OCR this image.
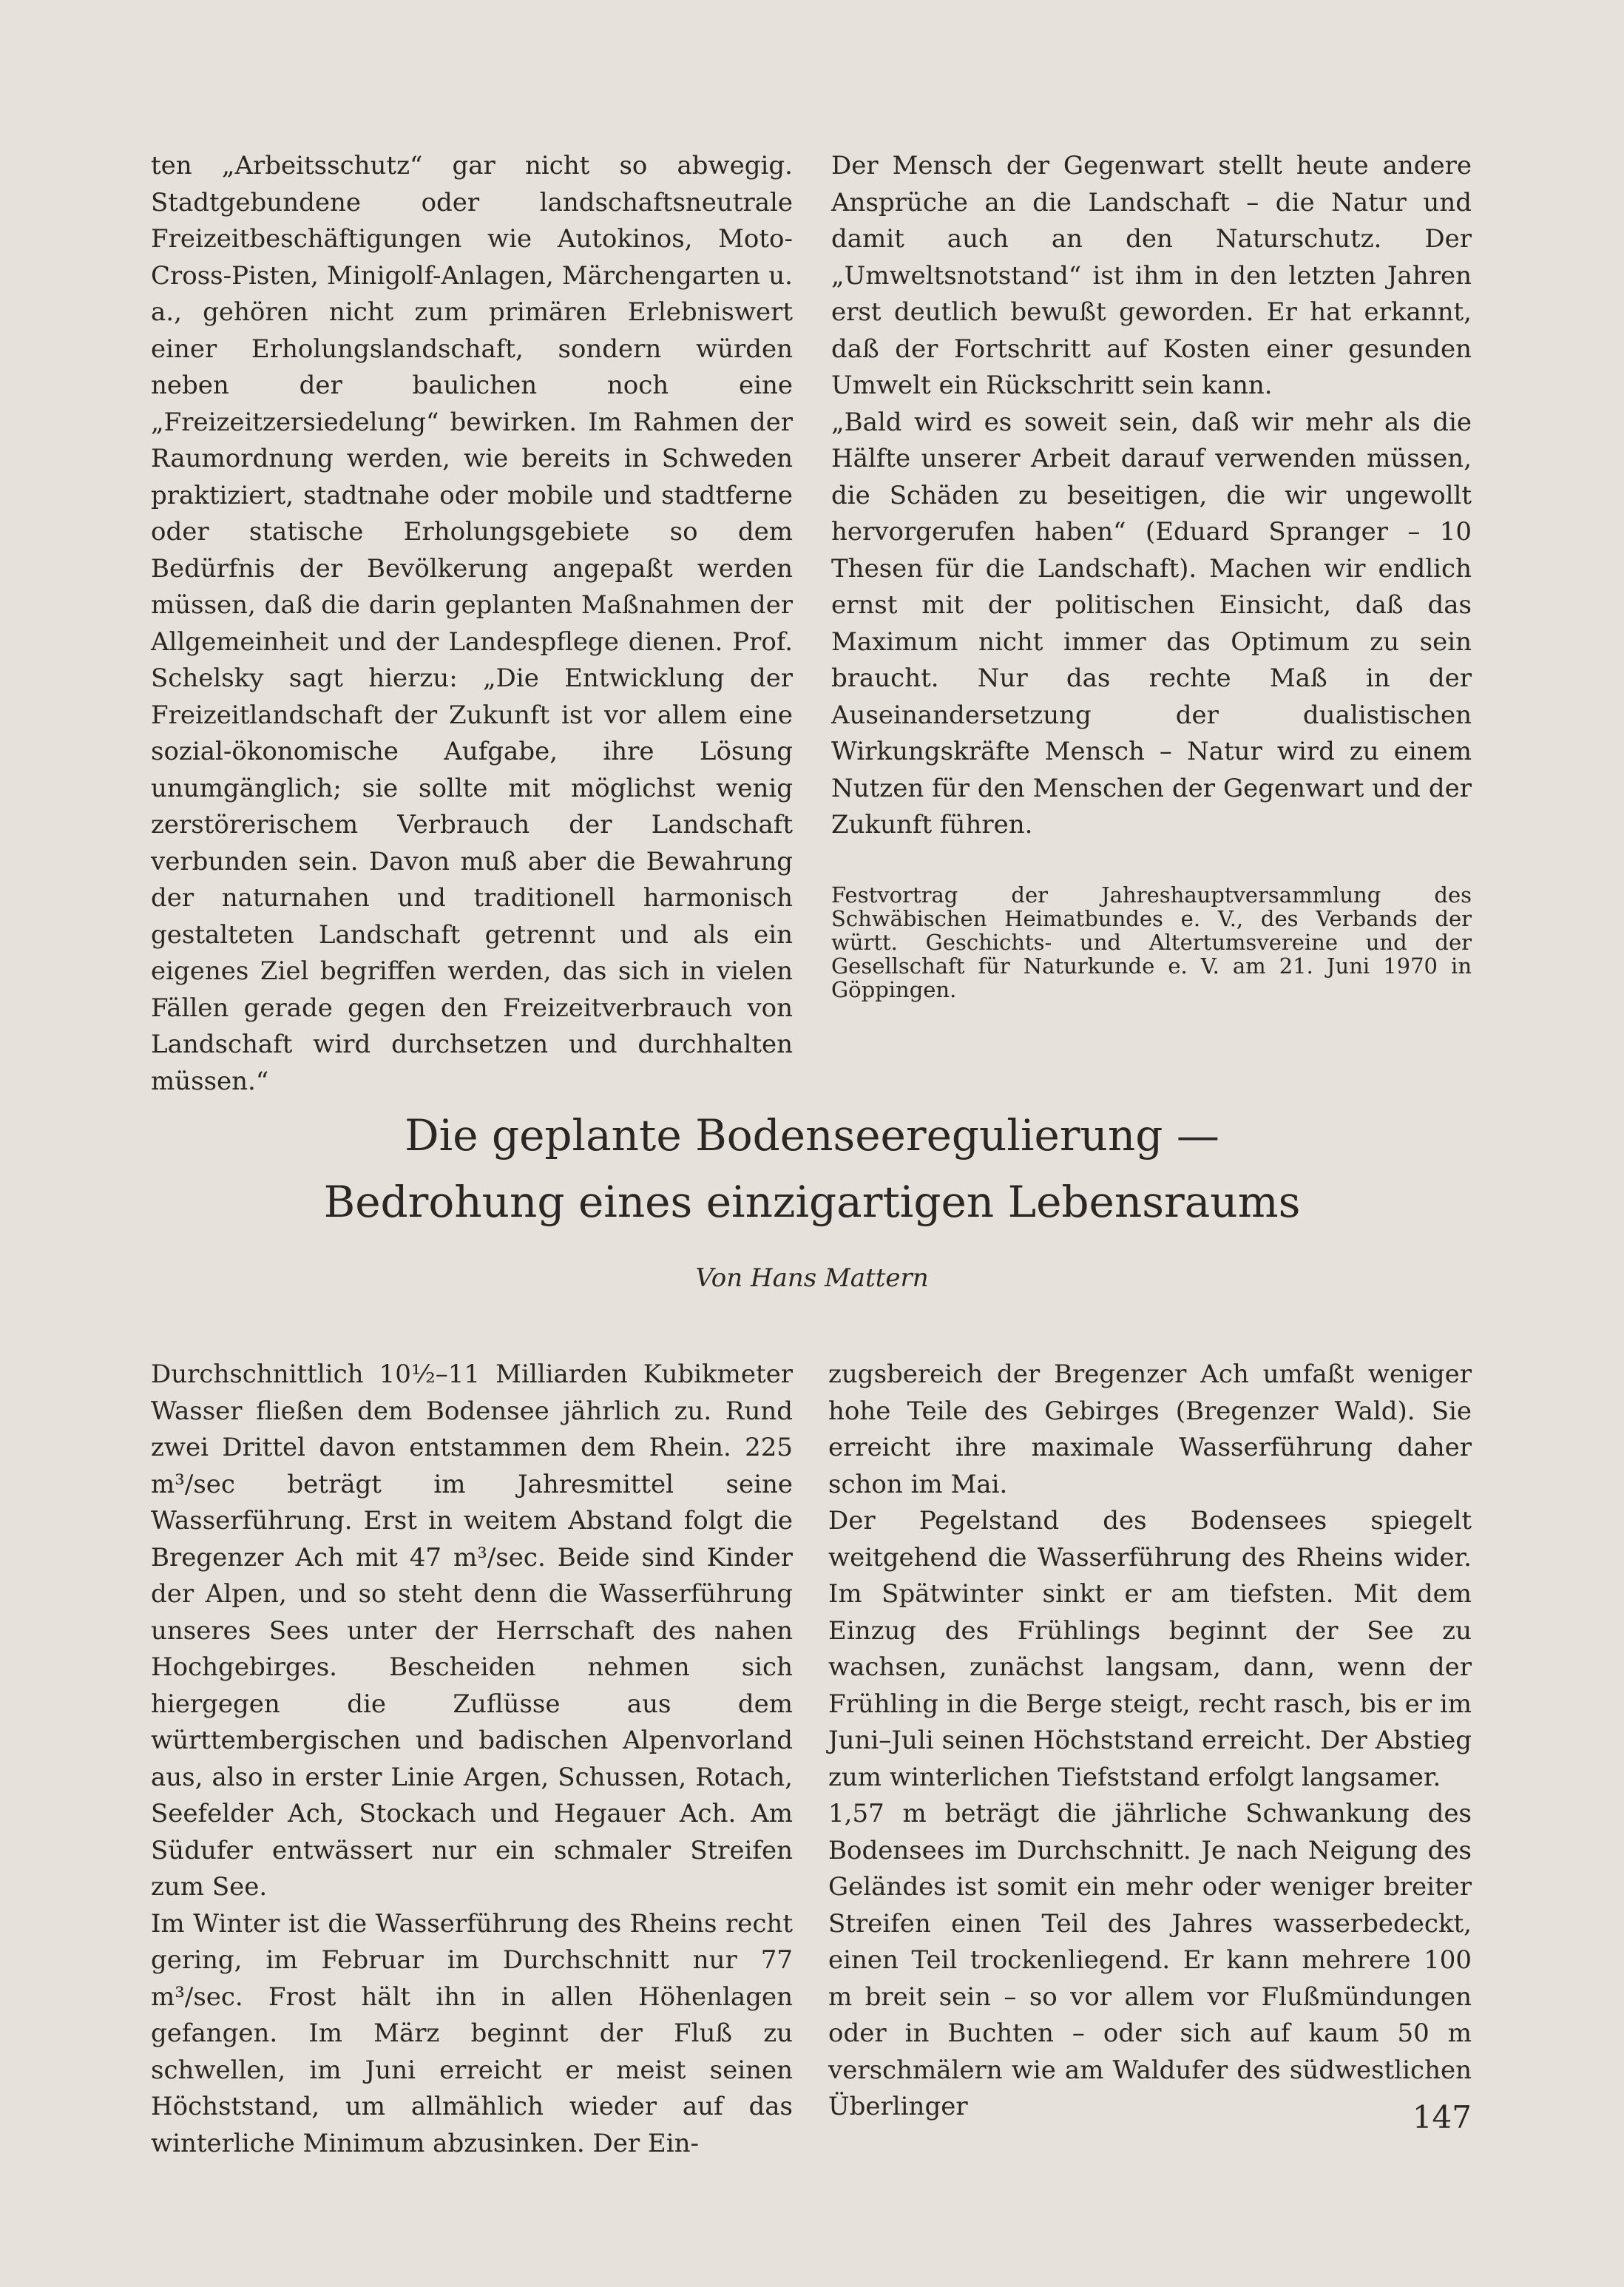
ten „Arbeitsschutz“ gar nicht so abwegig. Stadtgebundene oder landschaftsneutrale Freizeitbeschäftigungen wie Autokinos, Moto-Cross-Pisten, Minigolf-Anlagen, Märchengarten u. a., gehören nicht zum primären Erlebniswert einer Erholungslandschaft, sondern würden neben der baulichen noch eine „Freizeitzersiedelung“ bewirken. Im Rahmen der Raumordnung werden, wie bereits in Schweden praktiziert, stadtnahe oder mobile und stadtferne oder statische Erholungsgebiete so dem Bedürfnis der Bevölkerung angepaßt werden müssen, daß die darin geplanten Maßnahmen der Allgemeinheit und der Landespflege dienen. Prof. Schelsky sagt hierzu: „Die Entwicklung der Freizeitlandschaft der Zukunft ist vor allem eine sozial-ökonomische Aufgabe, ihre Lösung unumgänglich; sie sollte mit möglichst wenig zerstörerischem Verbrauch der Landschaft verbunden sein. Davon muß aber die Bewahrung der naturnahen und traditionell harmonisch gestalteten Landschaft getrennt und als ein eigenes Ziel begriffen werden, das sich in vielen Fällen gerade gegen den Freizeitverbrauch von Landschaft wird durchsetzen und durchhalten müssen.“

Der Mensch der Gegenwart stellt heute andere Ansprüche an die Landschaft – die Natur und damit auch an den Naturschutz. Der „Umweltsnotstand“ ist ihm in den letzten Jahren erst deutlich bewußt geworden. Er hat erkannt, daß der Fortschritt auf Kosten einer gesunden Umwelt ein Rückschritt sein kann.

„Bald wird es soweit sein, daß wir mehr als die Hälfte unserer Arbeit darauf verwenden müssen, die Schäden zu beseitigen, die wir ungewollt hervorgerufen haben“ (Eduard Spranger – 10 Thesen für die Landschaft). Machen wir endlich ernst mit der politischen Einsicht, daß das Maximum nicht immer das Optimum zu sein braucht. Nur das rechte Maß in der Auseinandersetzung der dualistischen Wirkungskräfte Mensch – Natur wird zu einem Nutzen für den Menschen der Gegenwart und der Zukunft führen.

Festvortrag der Jahreshauptversammlung des Schwäbischen Heimatbundes e. V., des Verbands der württ. Geschichts- und Altertumsvereine und der Gesellschaft für Naturkunde e. V. am 21. Juni 1970 in Göppingen.
Die geplante Bodenseeregulierung —
Bedrohung eines einzigartigen Lebensraums
Von Hans Mattern

Durchschnittlich 10½–11 Milliarden Kubikmeter Wasser fließen dem Bodensee jährlich zu. Rund zwei Drittel davon entstammen dem Rhein. 225 m³/sec beträgt im Jahresmittel seine Wasserführung. Erst in weitem Abstand folgt die Bregenzer Ach mit 47 m³/sec. Beide sind Kinder der Alpen, und so steht denn die Wasserführung unseres Sees unter der Herrschaft des nahen Hochgebirges. Bescheiden nehmen sich hiergegen die Zuflüsse aus dem württembergischen und badischen Alpenvorland aus, also in erster Linie Argen, Schussen, Rotach, Seefelder Ach, Stockach und Hegauer Ach. Am Südufer entwässert nur ein schmaler Streifen zum See.

Im Winter ist die Wasserführung des Rheins recht gering, im Februar im Durchschnitt nur 77 m³/sec. Frost hält ihn in allen Höhenlagen gefangen. Im März beginnt der Fluß zu schwellen, im Juni erreicht er meist seinen Höchststand, um allmählich wieder auf das winterliche Minimum abzusinken. Der Ein-

zugsbereich der Bregenzer Ach umfaßt weniger hohe Teile des Gebirges (Bregenzer Wald). Sie erreicht ihre maximale Wasserführung daher schon im Mai.

Der Pegelstand des Bodensees spiegelt weitgehend die Wasserführung des Rheins wider. Im Spätwinter sinkt er am tiefsten. Mit dem Einzug des Frühlings beginnt der See zu wachsen, zunächst langsam, dann, wenn der Frühling in die Berge steigt, recht rasch, bis er im Juni–Juli seinen Höchststand erreicht. Der Abstieg zum winterlichen Tiefststand erfolgt langsamer.

1,57 m beträgt die jährliche Schwankung des Bodensees im Durchschnitt. Je nach Neigung des Geländes ist somit ein mehr oder weniger breiter Streifen einen Teil des Jahres wasserbedeckt, einen Teil trockenliegend. Er kann mehrere 100 m breit sein – so vor allem vor Flußmündungen oder in Buchten – oder sich auf kaum 50 m verschmälern wie am Waldufer des südwestlichen Überlinger	147
